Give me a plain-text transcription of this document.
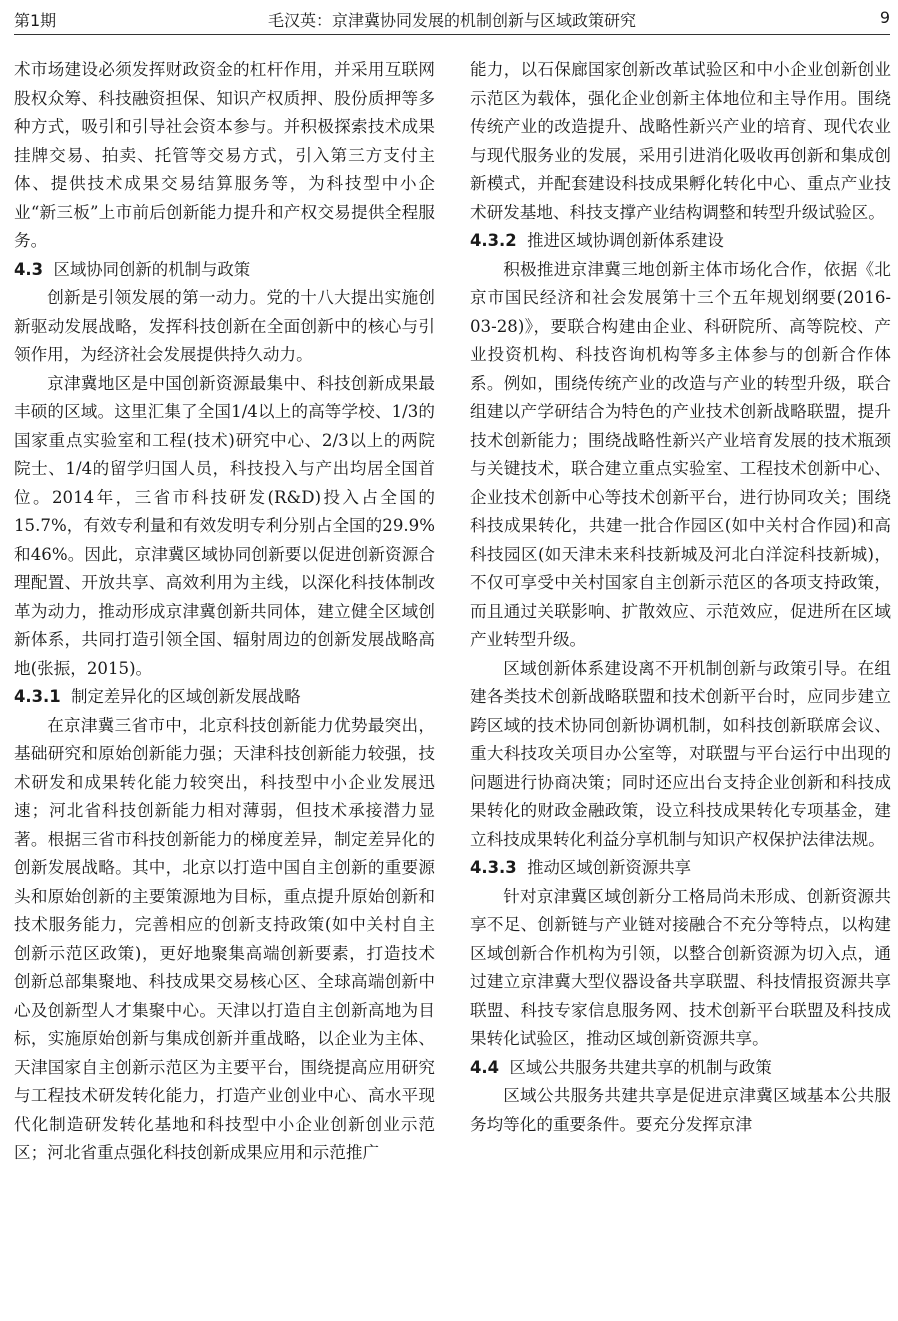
第1期	毛汉英：京津冀协同发展的机制创新与区域政策研究	9

术市场建设必须发挥财政资金的杠杆作用，并采用互联网股权众筹、科技融资担保、知识产权质押、股份质押等多种方式，吸引和引导社会资本参与。并积极探索技术成果挂牌交易、拍卖、托管等交易方式，引入第三方支付主体、提供技术成果交易结算服务等，为科技型中小企业“新三板”上市前后创新能力提升和产权交易提供全程服务。

4.3 区域协同创新的机制与政策

创新是引领发展的第一动力。党的十八大提出实施创新驱动发展战略，发挥科技创新在全面创新中的核心与引领作用，为经济社会发展提供持久动力。

京津冀地区是中国创新资源最集中、科技创新成果最丰硕的区域。这里汇集了全国1/4以上的高等学校、1/3的国家重点实验室和工程(技术)研究中心、2/3以上的两院院士、1/4的留学归国人员，科技投入与产出均居全国首位。2014年，三省市科技研发(R&D)投入占全国的15.7%，有效专利量和有效发明专利分别占全国的29.9%和46%。因此，京津冀区域协同创新要以促进创新资源合理配置、开放共享、高效利用为主线，以深化科技体制改革为动力，推动形成京津冀创新共同体，建立健全区域创新体系，共同打造引领全国、辐射周边的创新发展战略高地(张振，2015)。

4.3.1 制定差异化的区域创新发展战略

在京津冀三省市中，北京科技创新能力优势最突出，基础研究和原始创新能力强；天津科技创新能力较强，技术研发和成果转化能力较突出，科技型中小企业发展迅速；河北省科技创新能力相对薄弱，但技术承接潜力显著。根据三省市科技创新能力的梯度差异，制定差异化的创新发展战略。其中，北京以打造中国自主创新的重要源头和原始创新的主要策源地为目标，重点提升原始创新和技术服务能力，完善相应的创新支持政策(如中关村自主创新示范区政策)，更好地聚集高端创新要素，打造技术创新总部集聚地、科技成果交易核心区、全球高端创新中心及创新型人才集聚中心。天津以打造自主创新高地为目标，实施原始创新与集成创新并重战略，以企业为主体、天津国家自主创新示范区为主要平台，围绕提高应用研究与工程技术研发转化能力，打造产业创业中心、高水平现代化制造研发转化基地和科技型中小企业创新创业示范区；河北省重点强化科技创新成果应用和示范推广

能力，以石保廊国家创新改革试验区和中小企业创新创业示范区为载体，强化企业创新主体地位和主导作用。围绕传统产业的改造提升、战略性新兴产业的培育、现代农业与现代服务业的发展，采用引进消化吸收再创新和集成创新模式，并配套建设科技成果孵化转化中心、重点产业技术研发基地、科技支撑产业结构调整和转型升级试验区。

4.3.2 推进区域协调创新体系建设

积极推进京津冀三地创新主体市场化合作，依据《北京市国民经济和社会发展第十三个五年规划纲要(2016-03-28)》，要联合构建由企业、科研院所、高等院校、产业投资机构、科技咨询机构等多主体参与的创新合作体系。例如，围绕传统产业的改造与产业的转型升级，联合组建以产学研结合为特色的产业技术创新战略联盟，提升技术创新能力；围绕战略性新兴产业培育发展的技术瓶颈与关键技术，联合建立重点实验室、工程技术创新中心、企业技术创新中心等技术创新平台，进行协同攻关；围绕科技成果转化，共建一批合作园区(如中关村合作园)和高科技园区(如天津未来科技新城及河北白洋淀科技新城)，不仅可享受中关村国家自主创新示范区的各项支持政策，而且通过关联影响、扩散效应、示范效应，促进所在区域产业转型升级。

区域创新体系建设离不开机制创新与政策引导。在组建各类技术创新战略联盟和技术创新平台时，应同步建立跨区域的技术协同创新协调机制，如科技创新联席会议、重大科技攻关项目办公室等，对联盟与平台运行中出现的问题进行协商决策；同时还应出台支持企业创新和科技成果转化的财政金融政策，设立科技成果转化专项基金，建立科技成果转化利益分享机制与知识产权保护法律法规。

4.3.3 推动区域创新资源共享

针对京津冀区域创新分工格局尚未形成、创新资源共享不足、创新链与产业链对接融合不充分等特点，以构建区域创新合作机构为引领，以整合创新资源为切入点，通过建立京津冀大型仪器设备共享联盟、科技情报资源共享联盟、科技专家信息服务网、技术创新平台联盟及科技成果转化试验区，推动区域创新资源共享。

4.4 区域公共服务共建共享的机制与政策

区域公共服务共建共享是促进京津冀区域基本公共服务均等化的重要条件。要充分发挥京津
